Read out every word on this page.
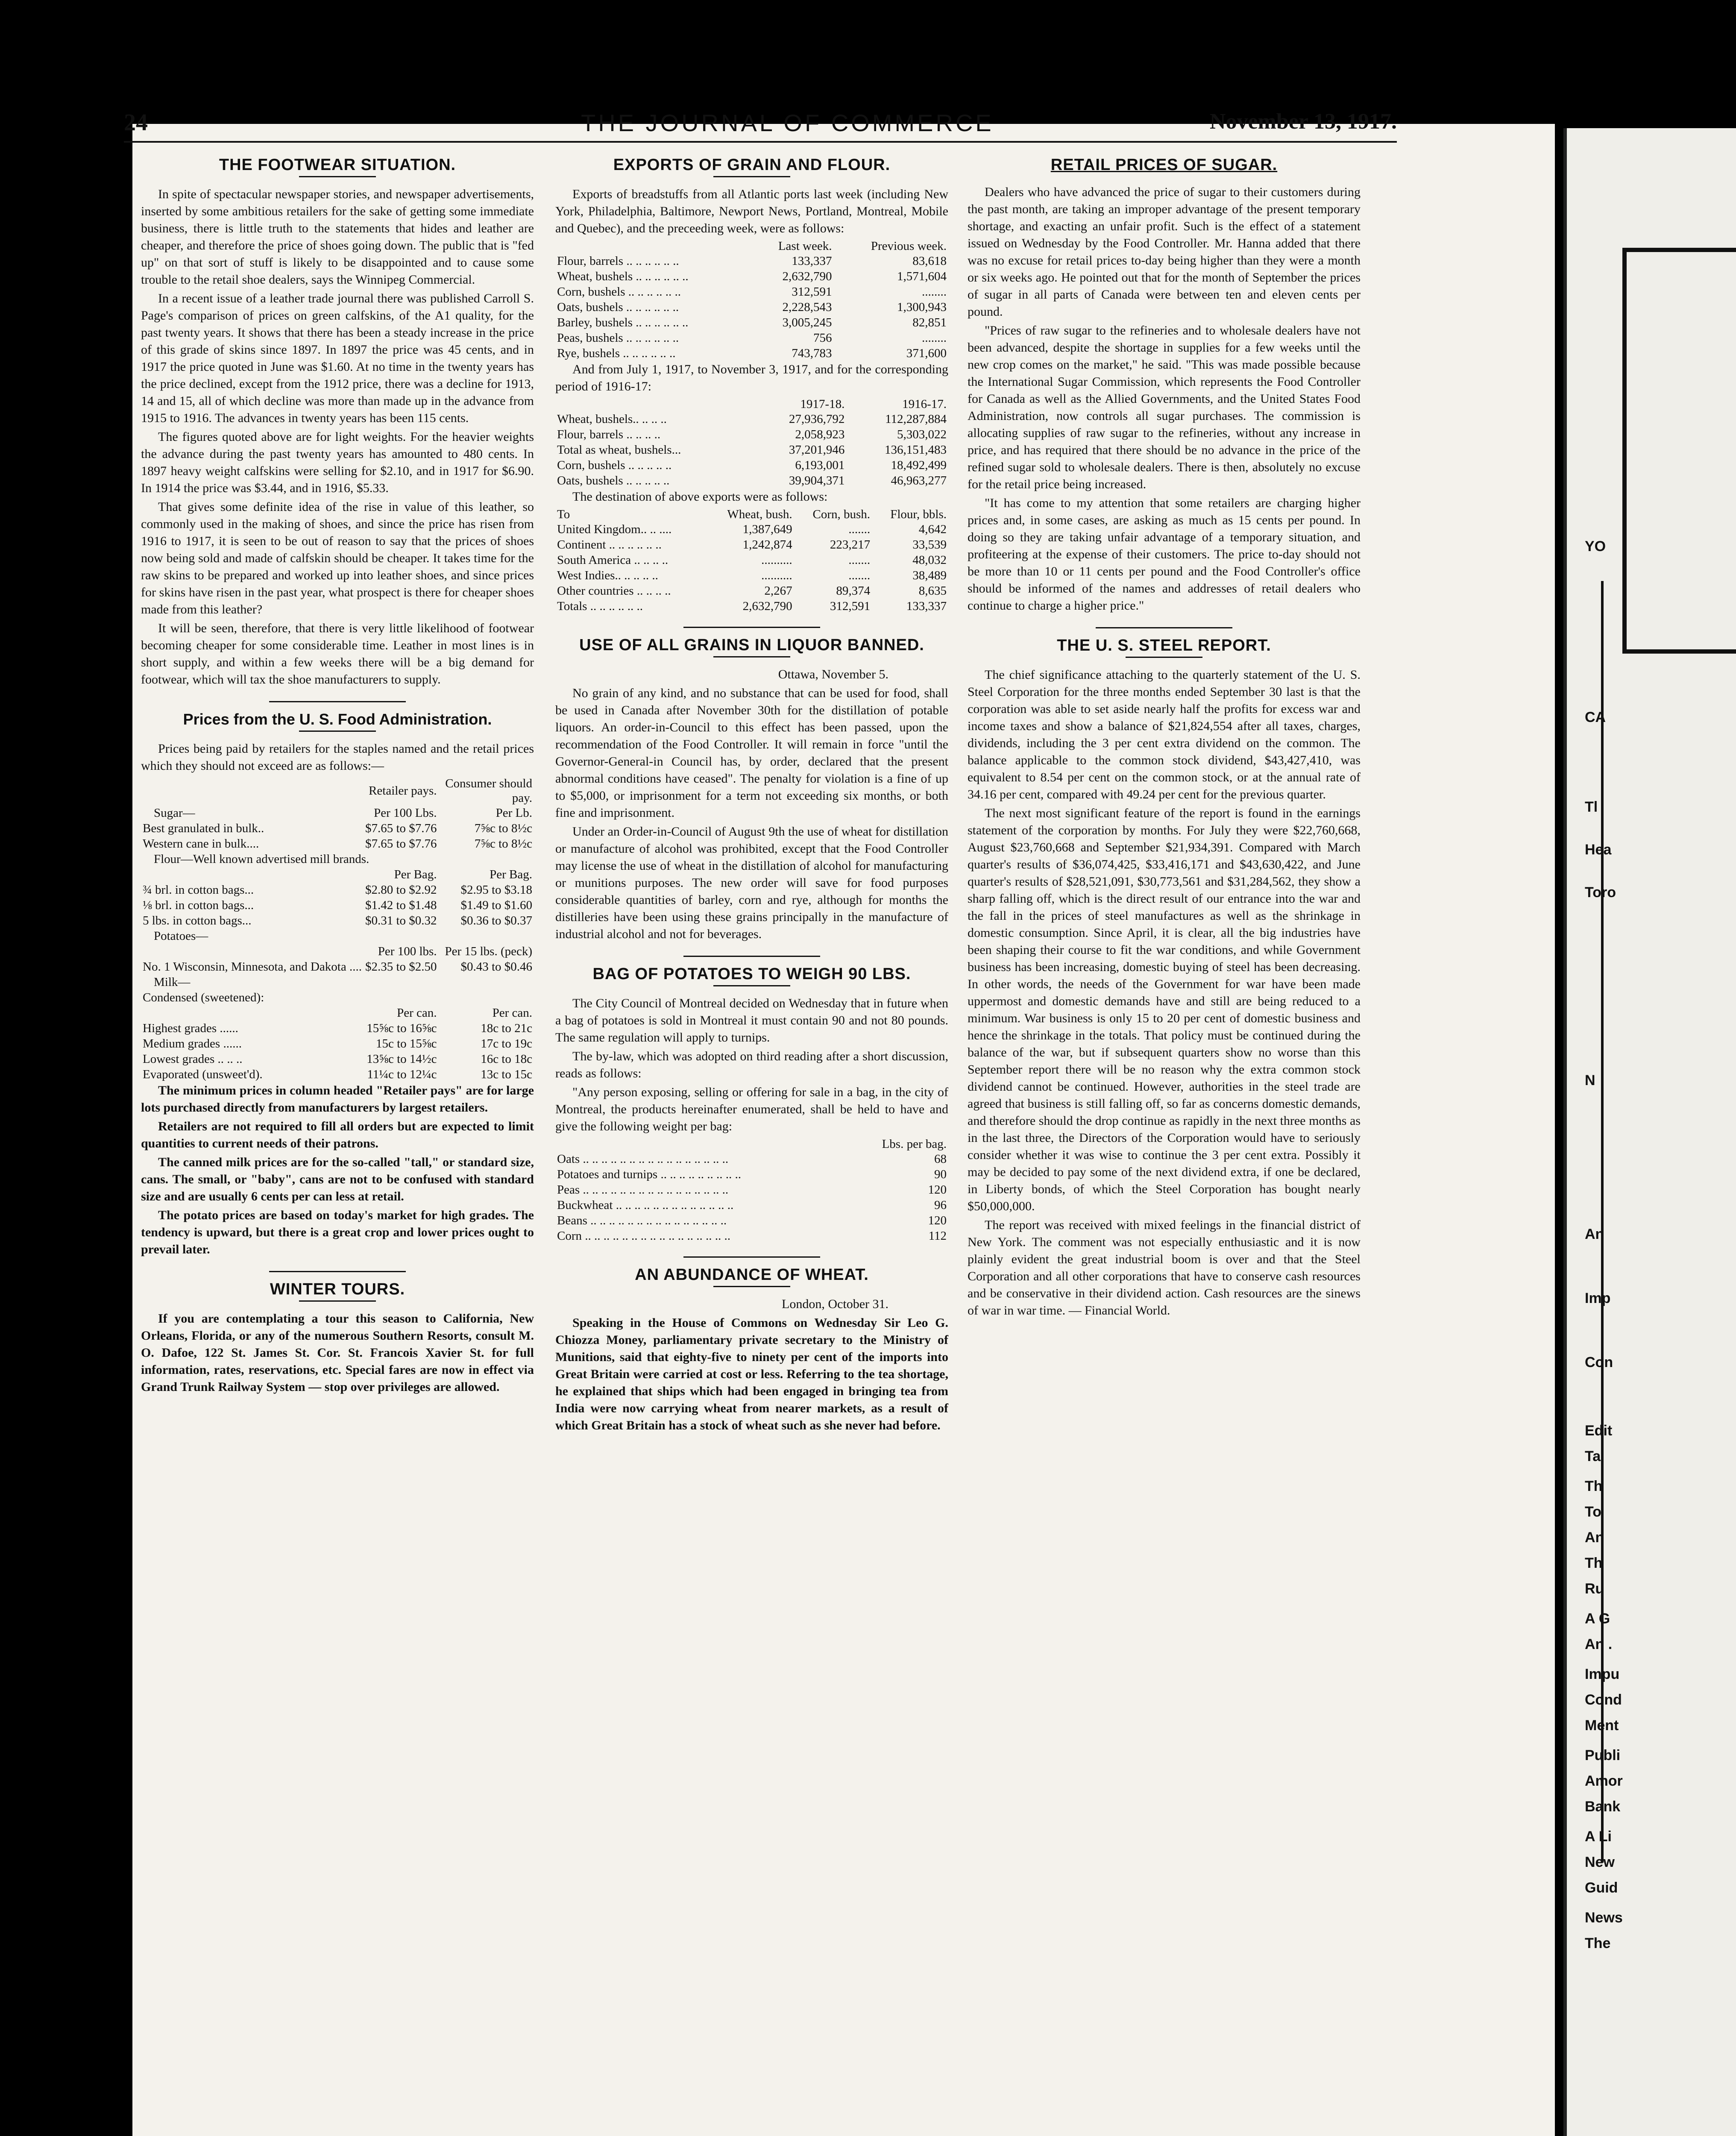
24	THE JOURNAL OF COMMERCE	November 13, 1917.
THE FOOTWEAR SITUATION.

In spite of spectacular newspaper stories, and newspaper advertisements, inserted by some ambitious retailers for the sake of getting some immediate business, there is little truth to the statements that hides and leather are cheaper, and therefore the price of shoes going down. The public that is "fed up" on that sort of stuff is likely to be disappointed and to cause some trouble to the retail shoe dealers, says the Winnipeg Commercial.

In a recent issue of a leather trade journal there was published Carroll S. Page's comparison of prices on green calfskins, of the A1 quality, for the past twenty years. It shows that there has been a steady increase in the price of this grade of skins since 1897. In 1897 the price was 45 cents, and in 1917 the price quoted in June was $1.60. At no time in the twenty years has the price declined, except from the 1912 price, there was a decline for 1913, 14 and 15, all of which decline was more than made up in the advance from 1915 to 1916. The advances in twenty years has been 115 cents.

The figures quoted above are for light weights. For the heavier weights the advance during the past twenty years has amounted to 480 cents. In 1897 heavy weight calfskins were selling for $2.10, and in 1917 for $6.90. In 1914 the price was $3.44, and in 1916, $5.33.

That gives some definite idea of the rise in value of this leather, so commonly used in the making of shoes, and since the price has risen from 1916 to 1917, it is seen to be out of reason to say that the prices of shoes now being sold and made of calfskin should be cheaper. It takes time for the raw skins to be prepared and worked up into leather shoes, and since prices for skins have risen in the past year, what prospect is there for cheaper shoes made from this leather?

It will be seen, therefore, that there is very little likelihood of footwear becoming cheaper for some considerable time. Leather in most lines is in short supply, and within a few weeks there will be a big demand for footwear, which will tax the shoe manufacturers to supply.

Prices from the U. S. Food Administration.

Prices being paid by retailers for the staples named and the retail prices which they should not exceed are as follows:—

	Retailer pays.	Consumer should pay.
Sugar—	Per 100 Lbs.	Per Lb.
Best granulated in bulk..	$7.65 to $7.76	7⅝c to 8½c
Western cane in bulk....	$7.65 to $7.76	7⅝c to 8½c
Flour—Well known advertised mill brands.		
	Per Bag.	Per Bag.
¾ brl. in cotton bags...	$2.80 to $2.92	$2.95 to $3.18
⅛ brl. in cotton bags...	$1.42 to $1.48	$1.49 to $1.60
5 lbs. in cotton bags...	$0.31 to $0.32	$0.36 to $0.37
Potatoes—		
	Per 100 lbs.	Per 15 lbs. (peck)
No. 1 Wisconsin, Minnesota, and Dakota ....	$2.35 to $2.50	$0.43 to $0.46
Milk—		
Condensed (sweetened):		
	Per can.	Per can.
Highest grades ......	15⅝c to 16⅝c	18c to 21c
Medium grades ......	15c to 15⅝c	17c to 19c
Lowest grades .. .. ..	13⅝c to 14½c	16c to 18c
Evaporated (unsweet'd).	11¼c to 12¼c	13c to 15c

The minimum prices in column headed "Retailer pays" are for large lots purchased directly from manufacturers by largest retailers.

Retailers are not required to fill all orders but are expected to limit quantities to current needs of their patrons.

The canned milk prices are for the so-called "tall," or standard size, cans. The small, or "baby", cans are not to be confused with standard size and are usually 6 cents per can less at retail.

The potato prices are based on today's market for high grades. The tendency is upward, but there is a great crop and lower prices ought to prevail later.

WINTER TOURS.

If you are contemplating a tour this season to California, New Orleans, Florida, or any of the numerous Southern Resorts, consult M. O. Dafoe, 122 St. James St. Cor. St. Francois Xavier St. for full information, rates, reservations, etc. Special fares are now in effect via Grand Trunk Railway System — stop over privileges are allowed.

EXPORTS OF GRAIN AND FLOUR.

Exports of breadstuffs from all Atlantic ports last week (including New York, Philadelphia, Baltimore, Newport News, Portland, Montreal, Mobile and Quebec), and the preceeding week, were as follows:

	Last week.	Previous week.
Flour, barrels .. .. .. .. .. ..	133,337	83,618
Wheat, bushels .. .. .. .. .. ..	2,632,790	1,571,604
Corn, bushels .. .. .. .. .. ..	312,591	........
Oats, bushels .. .. .. .. .. ..	2,228,543	1,300,943
Barley, bushels .. .. .. .. .. ..	3,005,245	82,851
Peas, bushels .. .. .. .. .. ..	756	........
Rye, bushels .. .. .. .. .. ..	743,783	371,600

And from July 1, 1917, to November 3, 1917, and for the corresponding period of 1916-17:

	1917-18.	1916-17.
Wheat, bushels.. .. .. ..	27,936,792	112,287,884
Flour, barrels .. .. .. ..	2,058,923	5,303,022

Total as wheat, bushels...	37,201,946	136,151,483
Corn, bushels .. .. .. .. ..	6,193,001	18,492,499
Oats, bushels .. .. .. .. ..	39,904,371	46,963,277

The destination of above exports were as follows:

To	Wheat, bush.	Corn, bush.	Flour, bbls.
United Kingdom.. .. ....	1,387,649	.......	4,642
Continent .. .. .. .. .. ..	1,242,874	223,217	33,539
South America .. .. .. ..	..........	.......	48,032
West Indies.. .. .. .. ..	..........	.......	38,489
Other countries .. .. .. ..	2,267	89,374	8,635

Totals .. .. .. .. .. ..	2,632,790	312,591	133,337
USE OF ALL GRAINS IN LIQUOR BANNED.

Ottawa, November 5.

No grain of any kind, and no substance that can be used for food, shall be used in Canada after November 30th for the distillation of potable liquors. An order-in-Council to this effect has been passed, upon the recommendation of the Food Controller. It will remain in force "until the Governor-General-in Council has, by order, declared that the present abnormal conditions have ceased". The penalty for violation is a fine of up to $5,000, or imprisonment for a term not exceeding six months, or both fine and imprisonment.

Under an Order-in-Council of August 9th the use of wheat for distillation or manufacture of alcohol was prohibited, except that the Food Controller may license the use of wheat in the distillation of alcohol for manufacturing or munitions purposes. The new order will save for food purposes considerable quantities of barley, corn and rye, although for months the distilleries have been using these grains principally in the manufacture of industrial alcohol and not for beverages.

BAG OF POTATOES TO WEIGH 90 LBS.

The City Council of Montreal decided on Wednesday that in future when a bag of potatoes is sold in Montreal it must contain 90 and not 80 pounds. The same regulation will apply to turnips.

The by-law, which was adopted on third reading after a short discussion, reads as follows:

"Any person exposing, selling or offering for sale in a bag, in the city of Montreal, the products hereinafter enumerated, shall be held to have and give the following weight per bag:

	Lbs. per bag.
Oats .. .. .. .. .. .. .. .. .. .. .. .. .. .. .. ..	68
Potatoes and turnips .. .. .. .. .. .. .. .. ..	90
Peas .. .. .. .. .. .. .. .. .. .. .. .. .. .. .. ..	120
Buckwheat .. .. .. .. .. .. .. .. .. .. .. .. ..	96
Beans .. .. .. .. .. .. .. .. .. .. .. .. .. .. ..	120
Corn .. .. .. .. .. .. .. .. .. .. .. .. .. .. .. ..	112
AN ABUNDANCE OF WHEAT.

London, October 31.

Speaking in the House of Commons on Wednesday Sir Leo G. Chiozza Money, parliamentary private secretary to the Ministry of Munitions, said that eighty-five to ninety per cent of the imports into Great Britain were carried at cost or less. Referring to the tea shortage, he explained that ships which had been engaged in bringing tea from India were now carrying wheat from nearer markets, as a result of which Great Britain has a stock of wheat such as she never had before.

RETAIL PRICES OF SUGAR.

Dealers who have advanced the price of sugar to their customers during the past month, are taking an improper advantage of the present temporary shortage, and exacting an unfair profit. Such is the effect of a statement issued on Wednesday by the Food Controller. Mr. Hanna added that there was no excuse for retail prices to-day being higher than they were a month or six weeks ago. He pointed out that for the month of September the prices of sugar in all parts of Canada were between ten and eleven cents per pound.

"Prices of raw sugar to the refineries and to wholesale dealers have not been advanced, despite the shortage in supplies for a few weeks until the new crop comes on the market," he said. "This was made possible because the International Sugar Commission, which represents the Food Controller for Canada as well as the Allied Governments, and the United States Food Administration, now controls all sugar purchases. The commission is allocating supplies of raw sugar to the refineries, without any increase in price, and has required that there should be no advance in the price of the refined sugar sold to wholesale dealers. There is then, absolutely no excuse for the retail price being increased.

"It has come to my attention that some retailers are charging higher prices and, in some cases, are asking as much as 15 cents per pound. In doing so they are taking unfair advantage of a temporary situation, and profiteering at the expense of their customers. The price to-day should not be more than 10 or 11 cents per pound and the Food Controller's office should be informed of the names and addresses of retail dealers who continue to charge a higher price."

THE U. S. STEEL REPORT.

The chief significance attaching to the quarterly statement of the U. S. Steel Corporation for the three months ended September 30 last is that the corporation was able to set aside nearly half the profits for excess war and income taxes and show a balance of $21,824,554 after all taxes, charges, dividends, including the 3 per cent extra dividend on the common. The balance applicable to the common stock dividend, $43,427,410, was equivalent to 8.54 per cent on the common stock, or at the annual rate of 34.16 per cent, compared with 49.24 per cent for the previous quarter.

The next most significant feature of the report is found in the earnings statement of the corporation by months. For July they were $22,760,668, August $23,760,668 and September $21,934,391. Compared with March quarter's results of $36,074,425, $33,416,171 and $43,630,422, and June quarter's results of $28,521,091, $30,773,561 and $31,284,562, they show a sharp falling off, which is the direct result of our entrance into the war and the fall in the prices of steel manufactures as well as the shrinkage in domestic consumption. Since April, it is clear, all the big industries have been shaping their course to fit the war conditions, and while Government business has been increasing, domestic buying of steel has been decreasing. In other words, the needs of the Government for war have been made uppermost and domestic demands have and still are being reduced to a minimum. War business is only 15 to 20 per cent of domestic business and hence the shrinkage in the totals. That policy must be continued during the balance of the war, but if subsequent quarters show no worse than this September report there will be no reason why the extra common stock dividend cannot be continued. However, authorities in the steel trade are agreed that business is still falling off, so far as concerns domestic demands, and therefore should the drop continue as rapidly in the next three months as in the last three, the Directors of the Corporation would have to seriously consider whether it was wise to continue the 3 per cent extra. Possibly it may be decided to pay some of the next dividend extra, if one be declared, in Liberty bonds, of which the Steel Corporation has bought nearly $50,000,000.

The report was received with mixed feelings in the financial district of New York. The comment was not especially enthusiastic and it is now plainly evident the great industrial boom is over and that the Steel Corporation and all other corporations that have to conserve cash resources and be conservative in their dividend action. Cash resources are the sinews of war in war time. — Financial World.

YO
CA
Tl
Hea
Toro
N
An
Imp
Con
Edit
Ta
Th
To
An
Th
Ru
A G
An .
Impu
Cond
Ment
Publi
Amor
Bank
A Li
New
Guid
News
The
